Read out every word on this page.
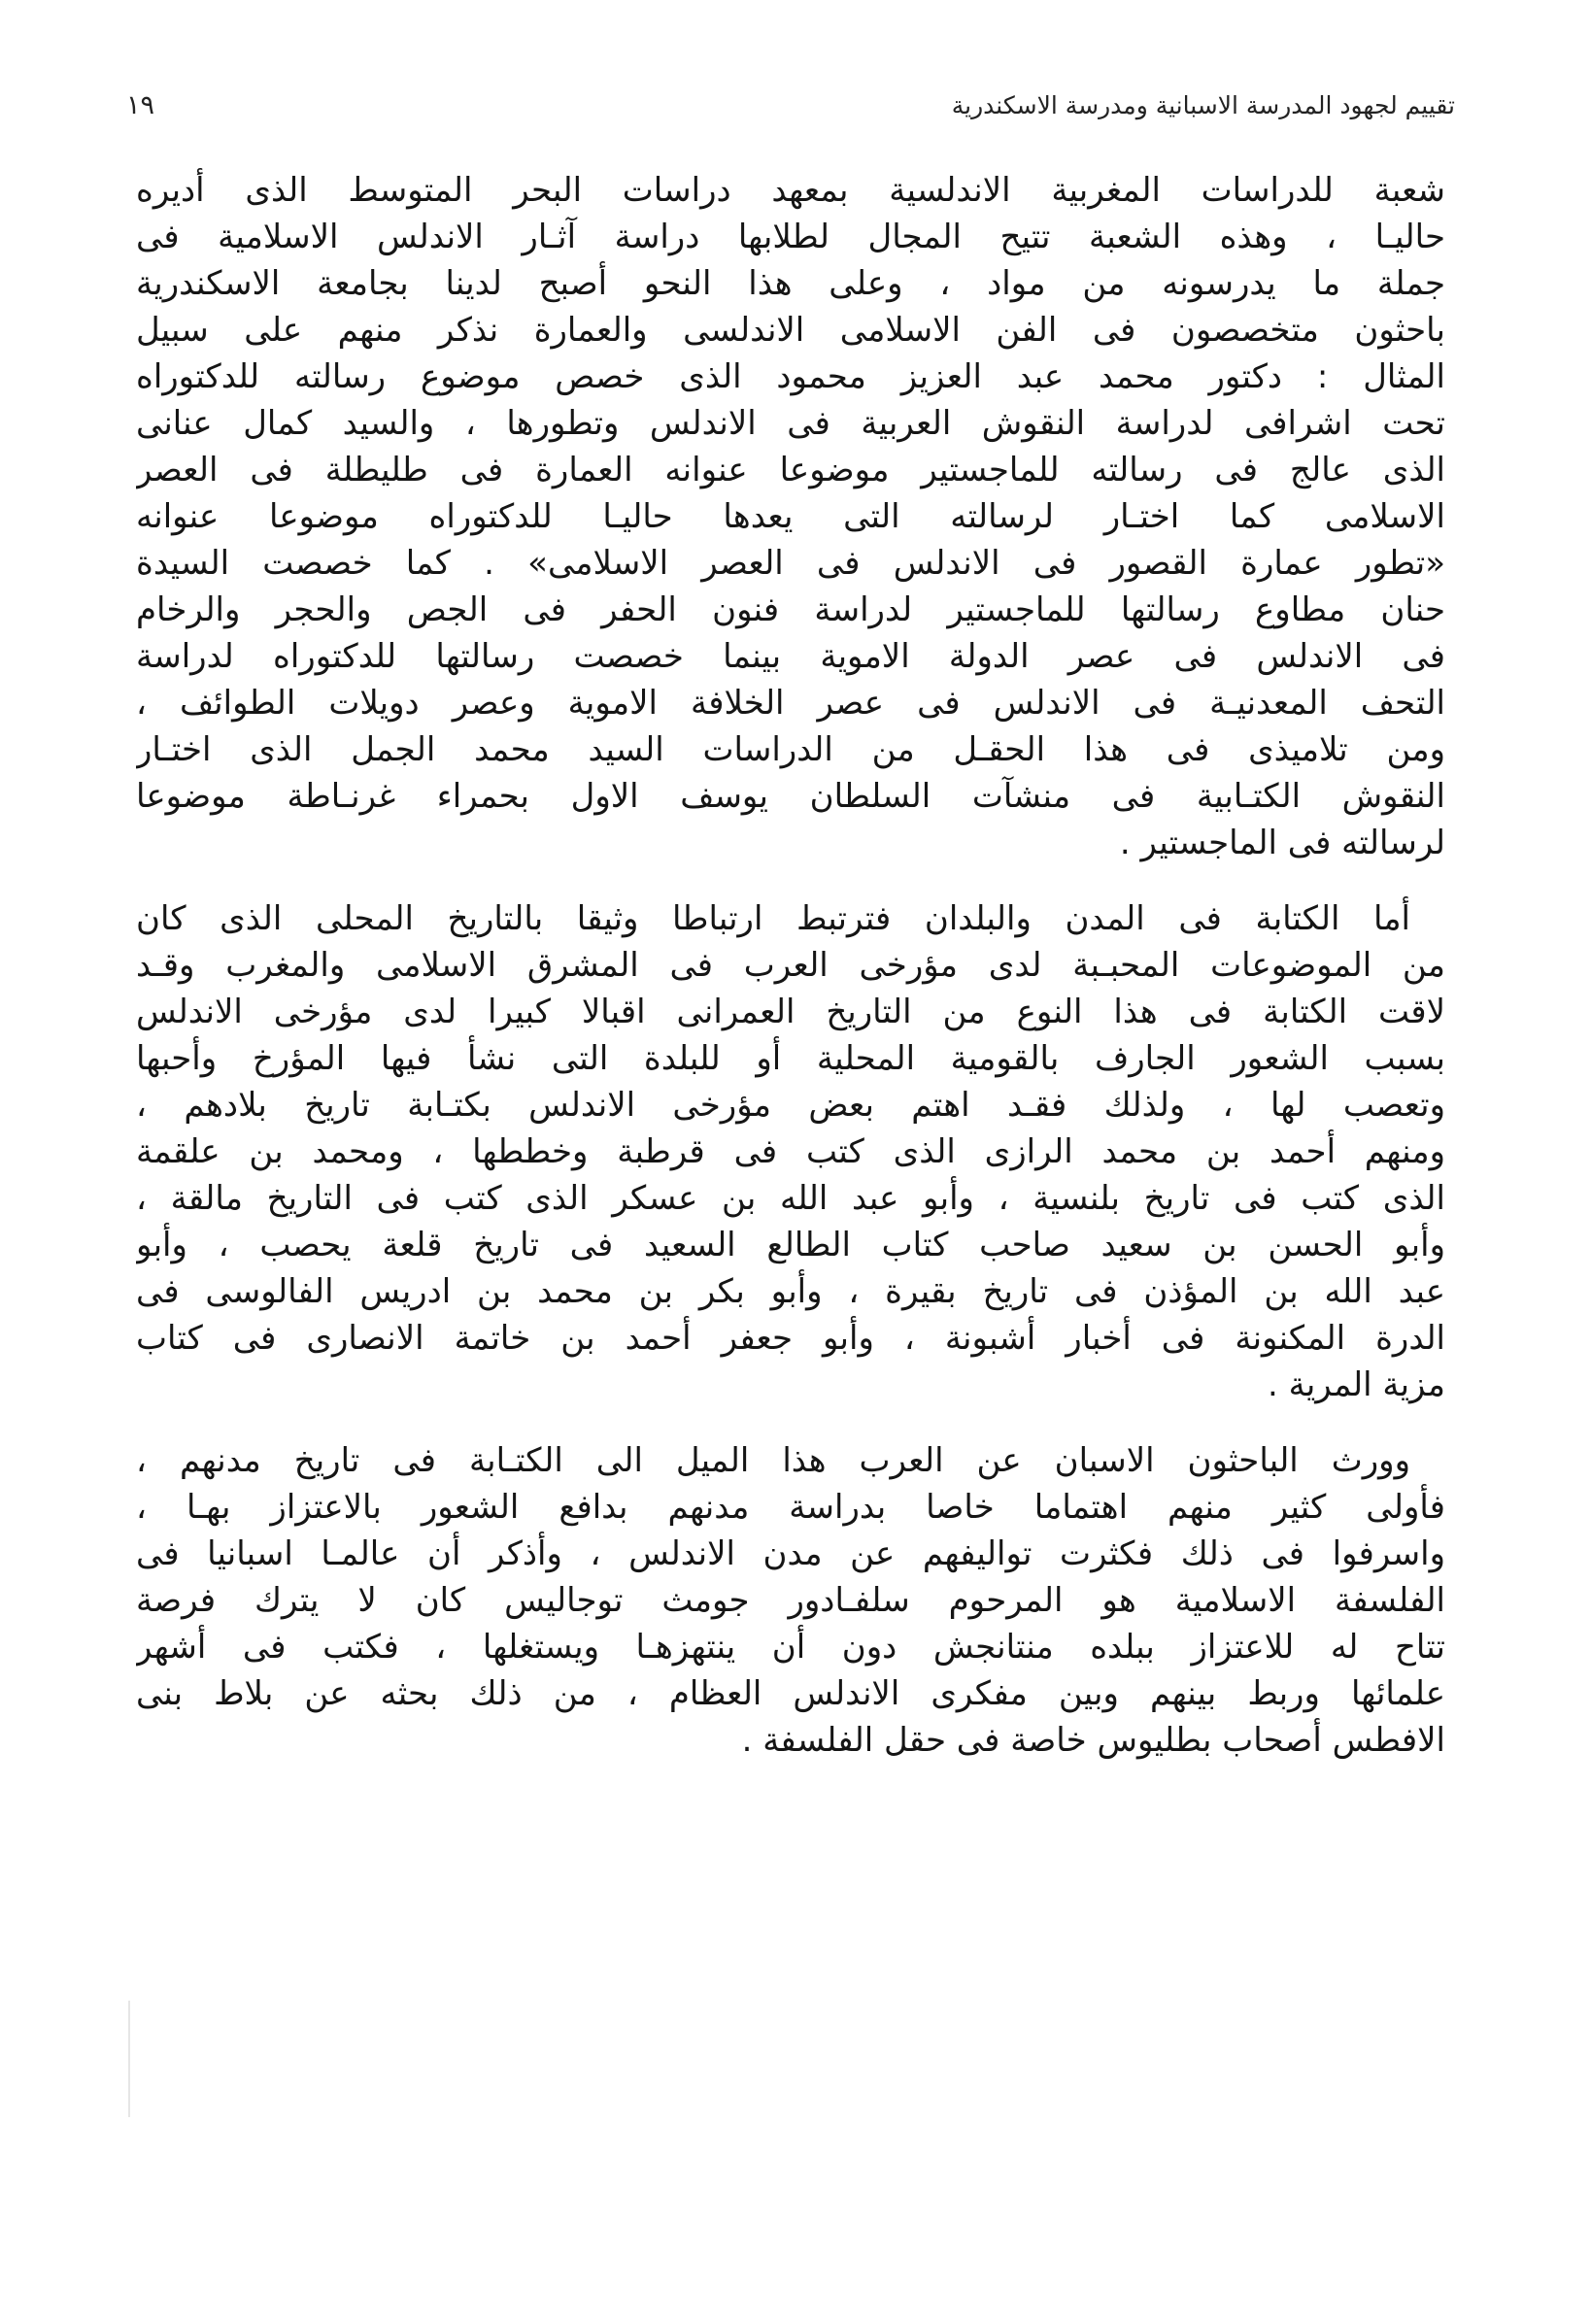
تقييم لجهود المدرسة الاسبانية ومدرسة الاسكندرية
١٩
شعبة للدراسات المغربية الاندلسية بمعهد دراسات البحر المتوسط الذى أديره
حاليـا ، وهذه الشعبة تتيح المجال لطلابها دراسة آثـار الاندلس الاسلامية فى
جملة ما يدرسونه من مواد ، وعلى هذا النحو أصبح لدينا بجامعة الاسكندرية
باحثون متخصصون فى الفن الاسلامى الاندلسى والعمارة نذكر منهم على سبيل
المثال : دكتور محمد عبد العزيز محمود الذى خصص موضوع رسالته للدكتوراه
تحت اشرافى لدراسة النقوش العربية فى الاندلس وتطورها ، والسيد كمال عنانى
الذى عالج فى رسالته للماجستير موضوعا عنوانه العمارة فى طليطلة فى العصر
الاسلامى كما اختـار لرسالته التى يعدها حاليـا للدكتوراه موضوعا عنوانه
«تطور عمارة القصور فى الاندلس فى العصر الاسلامى» . كما خصصت السيدة
حنان مطاوع رسالتها للماجستير لدراسة فنون الحفر فى الجص والحجر والرخام
فى الاندلس فى عصر الدولة الاموية بينما خصصت رسالتها للدكتوراه لدراسة
التحف المعدنيـة فى الاندلس فى عصر الخلافة الاموية وعصر دويلات الطوائف ،
ومن تلاميذى فى هذا الحقـل من الدراسات السيد محمد الجمل الذى اختـار
النقوش الكتـابية فى منشآت السلطان يوسف الاول بحمراء غرنـاطة موضوعا
لرسالته فى الماجستير .
أما الكتابة فى المدن والبلدان فترتبط ارتباطا وثيقا بالتاريخ المحلى الذى كان
من الموضوعات المحبـبة لدى مؤرخى العرب فى المشرق الاسلامى والمغرب وقـد
لاقت الكتابة فى هذا النوع من التاريخ العمرانى اقبالا كبيرا لدى مؤرخى الاندلس
بسبب الشعور الجارف بالقومية المحلية أو للبلدة التى نشأ فيها المؤرخ وأحبها
وتعصب لها ، ولذلك فقـد اهتم بعض مؤرخى الاندلس بكتـابة تاريخ بلادهم ،
ومنهم أحمد بن محمد الرازى الذى كتب فى قرطبة وخططها ، ومحمد بن علقمة
الذى كتب فى تاريخ بلنسية ، وأبو عبد الله بن عسكر الذى كتب فى التاريخ مالقة ،
وأبو الحسن بن سعيد صاحب كتاب الطالع السعيد فى تاريخ قلعة يحصب ، وأبو
عبد الله بن المؤذن فى تاريخ بقيرة ، وأبو بكر بن محمد بن ادريس الفالوسى فى
الدرة المكنونة فى أخبار أشبونة ، وأبو جعفر أحمد بن خاتمة الانصارى فى كتاب
مزية المرية .
وورث الباحثون الاسبان عن العرب هذا الميل الى الكتـابة فى تاريخ مدنهم ،
فأولى كثير منهم اهتماما خاصا بدراسة مدنهم بدافع الشعور بالاعتزاز بهـا ،
واسرفوا فى ذلك فكثرت تواليفهم عن مدن الاندلس ، وأذكر أن عالمـا اسبانيا فى
الفلسفة الاسلامية هو المرحوم سلفـادور جومث توجاليس كان لا يترك فرصة
تتاح له للاعتزاز ببلده منتانجش دون أن ينتهزهـا ويستغلها ، فكتب فى أشهر
علمائها وربط بينهم وبين مفكرى الاندلس العظام ، من ذلك بحثه عن بلاط بنى
الافطس أصحاب بطليوس خاصة فى حقل الفلسفة .
